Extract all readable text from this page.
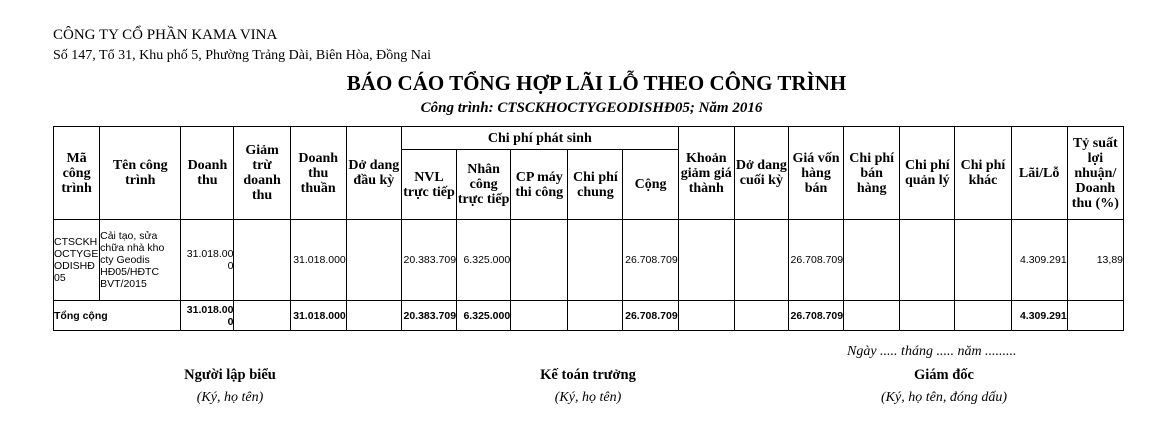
CÔNG TY CỔ PHẦN KAMA VINA
Số 147, Tổ 31, Khu phố 5, Phường Trảng Dài, Biên Hòa, Đồng Nai
BÁO CÁO TỔNG HỢP LÃI LỖ THEO CÔNG TRÌNH
Công trình: CTSCKHOCTYGEODISHĐ05; Năm 2016
Mã công trình	Tên công trình	Doanh thu	Giảm trừ doanh thu	Doanh thu thuần	Dở dang đầu kỳ	Chi phí phát sinh					Khoản giảm giá thành	Dở dang cuối kỳ	Giá vốn hàng bán	Chi phí bán hàng	Chi phí quản lý	Chi phí khác	Lãi/Lỗ	Tỷ suất lợi nhuận/ Doanh thu (%)
						NVL trực tiếp	Nhân công trực tiếp	CP máy thi công	Chi phí chung	Cộng								
CTSCKHOCTYGEODISHĐ05	Cải tạo, sửa chữa nhà kho cty Geodis HĐ05/HĐTC BVT/2015	31.018.000		31.018.000		20.383.709	6.325.000			26.708.709			26.708.709				4.309.291	13,89
Tổng cộng		31.018.000		31.018.000		20.383.709	6.325.000			26.708.709			26.708.709				4.309.291	
Ngày ..... tháng ..... năm .........
Người lập biểu
(Ký, họ tên)
Kế toán trưởng
(Ký, họ tên)
Giám đốc
(Ký, họ tên, đóng dấu)
